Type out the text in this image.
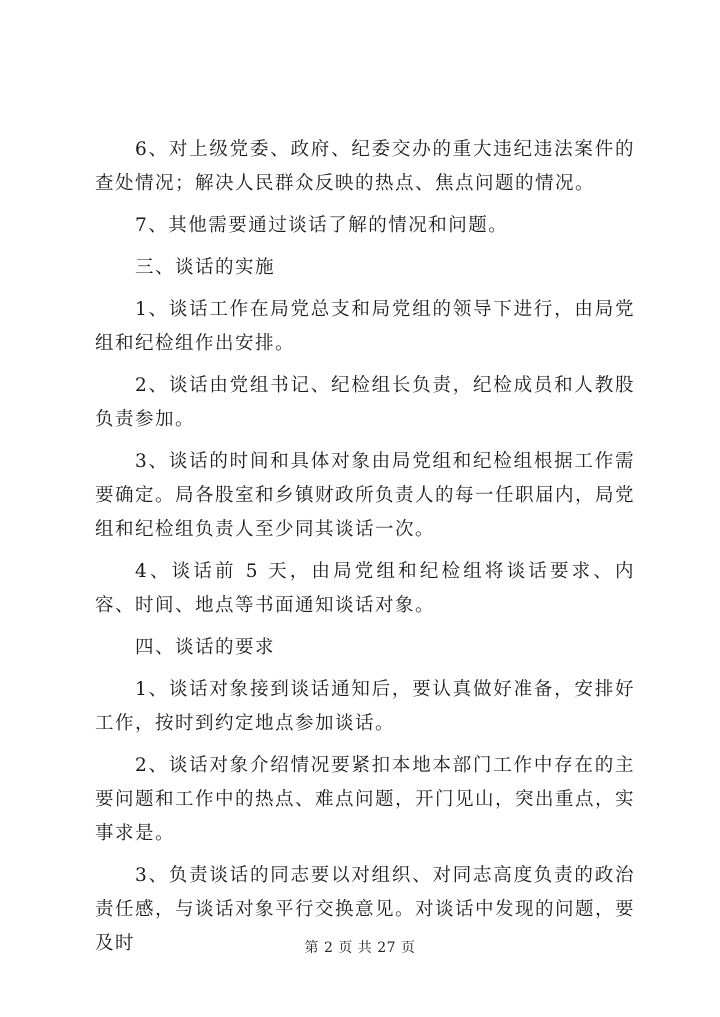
6、对上级党委、政府、纪委交办的重大违纪违法案件的查处情况；解决人民群众反映的热点、焦点问题的情况。

7、其他需要通过谈话了解的情况和问题。

三、谈话的实施

1、谈话工作在局党总支和局党组的领导下进行，由局党组和纪检组作出安排。

2、谈话由党组书记、纪检组长负责，纪检成员和人教股负责参加。

3、谈话的时间和具体对象由局党组和纪检组根据工作需要确定。局各股室和乡镇财政所负责人的每一任职届内，局党组和纪检组负责人至少同其谈话一次。

4、谈话前 5 天，由局党组和纪检组将谈话要求、内容、时间、地点等书面通知谈话对象。

四、谈话的要求

1、谈话对象接到谈话通知后，要认真做好准备，安排好工作，按时到约定地点参加谈话。

2、谈话对象介绍情况要紧扣本地本部门工作中存在的主要问题和工作中的热点、难点问题，开门见山，突出重点，实事求是。

3、负责谈话的同志要以对组织、对同志高度负责的政治责任感，与谈话对象平行交换意见。对谈话中发现的问题，要及时	第 2 页 共 27 页
